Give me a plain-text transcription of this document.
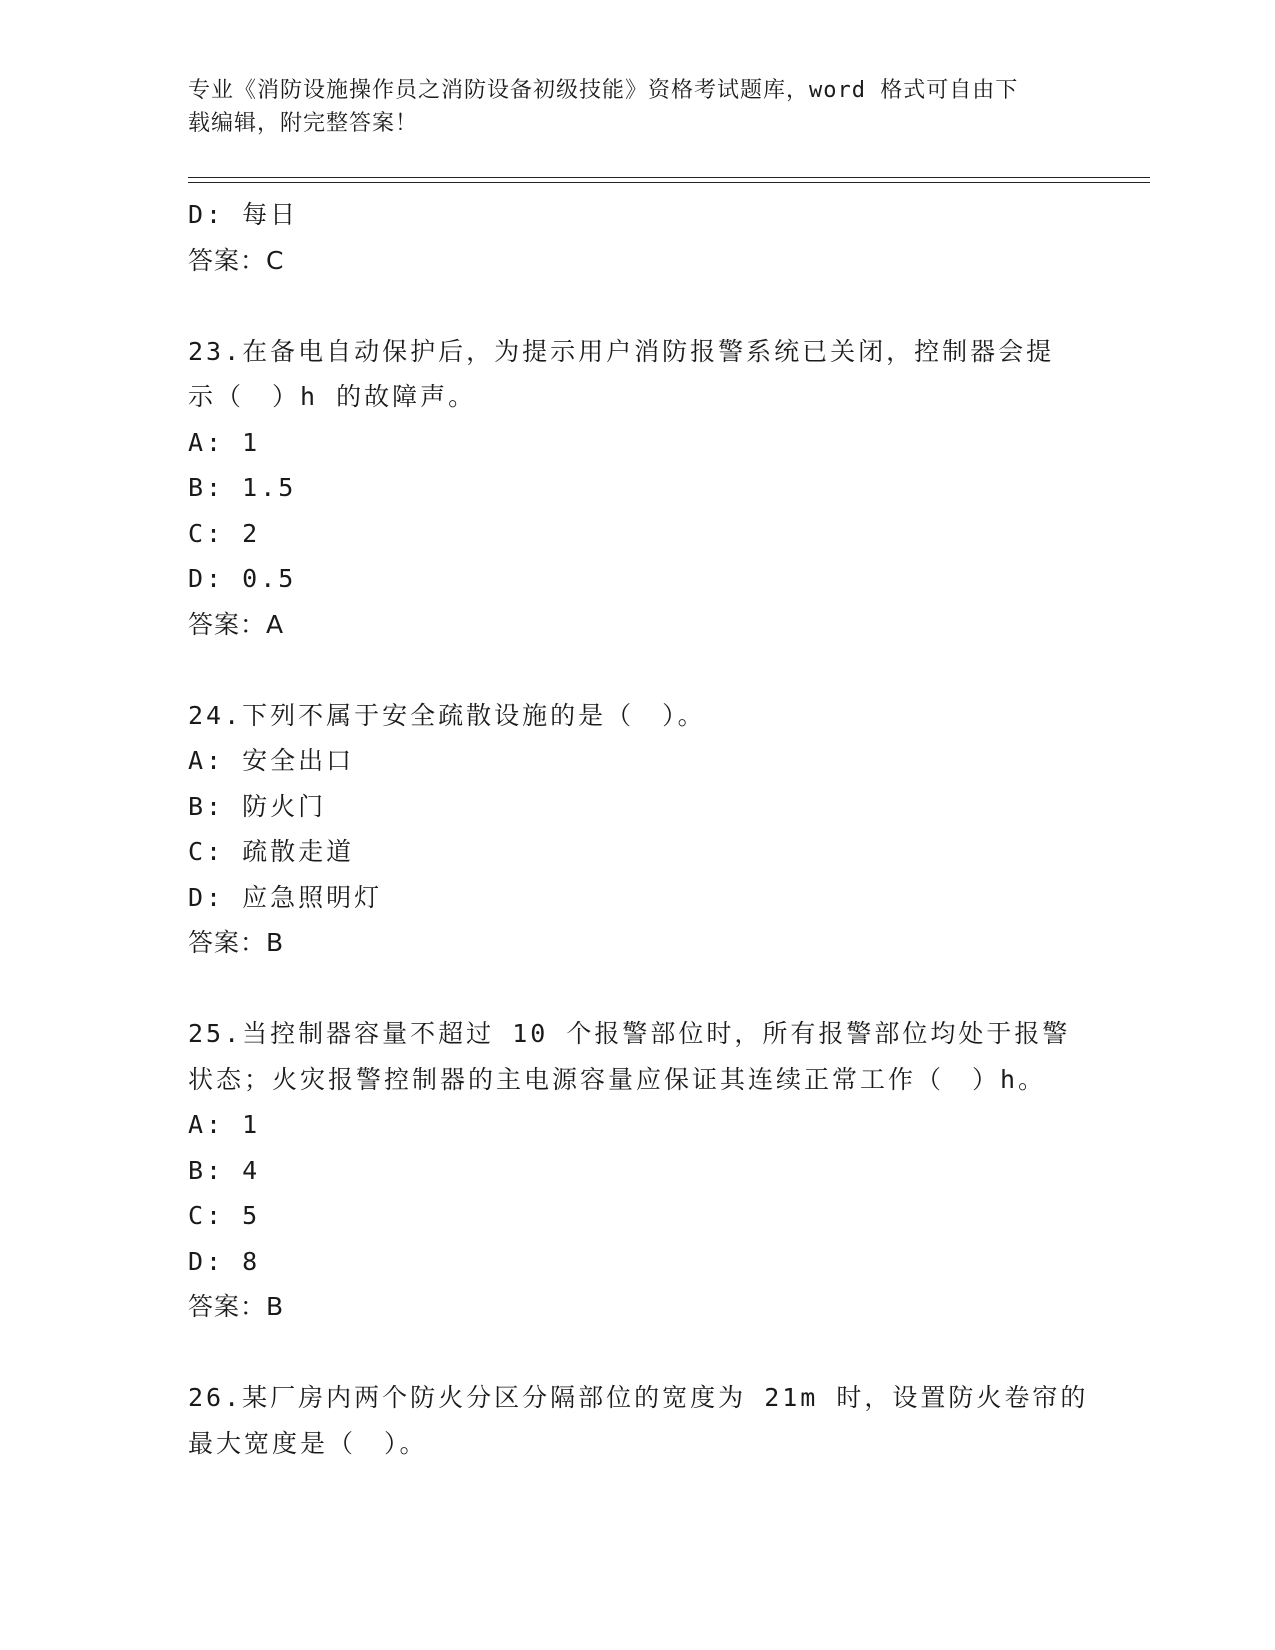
专业《消防设施操作员之消防设备初级技能》资格考试题库，word 格式可自由下

载编辑，附完整答案！

D: 每日

答案：C

23.在备电自动保护后，为提示用户消防报警系统已关闭，控制器会提

示（　）h 的故障声。

A: 1

B: 1.5

C: 2

D: 0.5

答案：A

24.下列不属于安全疏散设施的是（　）。

A: 安全出口

B: 防火门

C: 疏散走道

D: 应急照明灯

答案：B

25.当控制器容量不超过 10 个报警部位时，所有报警部位均处于报警

状态；火灾报警控制器的主电源容量应保证其连续正常工作（　）h。

A: 1

B: 4

C: 5

D: 8

答案：B

26.某厂房内两个防火分区分隔部位的宽度为 21m 时，设置防火卷帘的

最大宽度是（　）。
